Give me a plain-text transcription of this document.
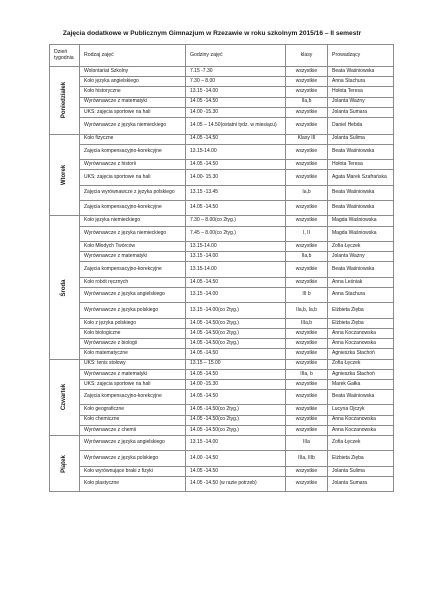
Zajęcia dodatkowe w Publicznym Gimnazjum w Rzezawie w roku szkolnym 2015/16 – II semestr
Dzień tygodnia	Rodzaj zajęć	Godziny zajęć	klasy	Prowadzący

Poniedziałek	Wolontariat Szkolny	7.15 -7.30	wszystkie	Beata Waśniowska
	Koło języka angielskiego	7.30 – 8.00	wszystkie	Anna Stachura
	Koło historyczne	13.15 -14.00	wszystkie	Hołota Teresa
	Wyrównawcze z matematyki	14.05 -14.50	IIa,b	Jolanta Ważny
	UKS: zajęcia sportowe na hali	14.00 -15.30	wszystkie	Jolanta Sumara
	Wyrównawcze z języka niemieckiego	14.05 – 14.50(ostatni tydz. w miesiącu)	wszystkie	Daniel Hebda

Wtorek	Koło fizyczne	14.05 -14.50	Klasy III	Jolanta Sulima
	Zajęcia kompensacyjno-korekcyjne	13.15-14.00	wszystkie	Beata Waśniowska
	Wyrównawcze z historii	14.05 -14.50	wszystkie	Hołota Teresa
	UKS: zajęcia sportowe na hali	14.00- 15.30	wszystkie	Agata Marek Szafrańska
	Zajęcia wyrównawcze z języka polskiego	13.15 -13.45	Ia,b	Beata Waśniowska
	Zajęcia kompensacyjno-korekcyjne	14.05 -14.50	wszystkie	Beata Waśniowska

Środa	Koło języka niemieckiego	7.30 – 8.00(co 2tyg.)	wszystkie	Magda Waśniowska
	Wyrównawcze z języka niemieckiego	7.45 – 8.00(co 2tyg.)	I, II	Magda Waśniowska
	Koło Młodych Twórców	13.15-14.00	wszystkie	Zofia Łęczek
	Wyrównawcze z matematyki	13.15 -14.00	IIa,b	Jolanta Ważny
	Zajęcia kompensacyjno-korekcyjne	13.15-14.00	wszystkie	Beata Waśniowska
	Koło robót ręcznych	14.05 -14.50	wszystkie	Anna Leśniak
	Wyrównawcze z języka angielskiego	13.15 -14.00	III b	Anna Stachura
	Wyrównawcze z języka polskiego	13.15 -14.00(co 2tyg.)	IIa,b, Ia,b	Elżbieta Zięba
	Koło z języka polskiego	14.05 -14.50(co 2tyg.)	IIIa,b	Elżbieta Zięba
	Koło biologiczne	14.05 -14.50(co 2tyg.)	wszystkie	Anna Koczanowska
	Wyrównawcze z biologii	14.05 -14.50(co 2tyg.)	wszystkie	Anna Koczanowska
	Koło matematyczne	14.05 -14.50	wszystkie	Agnieszka Stachoń

Czwartek	UKS: tenis stołowy	13.15 – 15.00	wszystkie	Zofia Łęczek
	Wyrównawcze z matematyki	14.05 -14.50	IIIa, b	Agnieszka Stachoń
	UKS: zajęcia sportowe na hali	14.00 -15.30	wszystkie	Marek Gałka
	Zajęcia kompensacyjno-korekcyjne	14.05 -14.50	wszystkie	Beata Waśniowska
	Koło geograficzne	14.05 -14.50(co 2tyg.)	wszystkie	Lucyna Ojczyk
	Koło chemiczne	14.05 -14.50(co 2tyg.)	wszystkie	Anna Koczanowska
	Wyrównawcze z chemii	14.05 -14.50(co 2tyg.)	wszystkie	Anna Koczanowska

Piątek	Wyrównawcze z języka angielskiego	13.15 -14.00	IIIa	Zofia Łęczek
	Wyrównawcze z języka polskiego	14.00 -14.50	IIIa, IIIb	Elżbieta Zięba
	Koło wyrównujące braki z fizyki	14.05 -14.50	wszystkie	Jolanta Sulima
	Koło plastyczne	14.05 -14.50 (w razie potrzeb)	wszystkie	Jolanta Sumara
